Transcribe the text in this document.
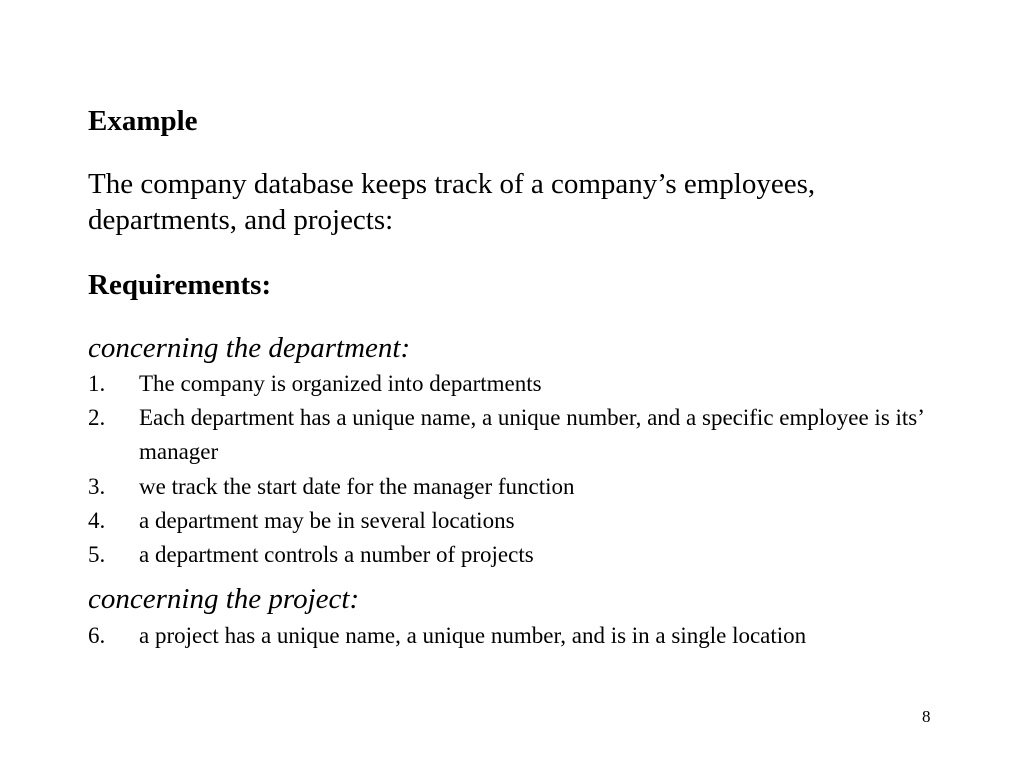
Example

The company database keeps track of a company’s employees, departments, and projects:

Requirements:

concerning the department:

1. The company is organized into departments
2. Each department has a unique name, a unique number, and a specific employee is its’ manager
3. we track the start date for the manager function
4. a department may be in several locations
5. a department controls a number of projects

concerning the project:

6. a project has a unique name, a unique number, and is in a single location
8
